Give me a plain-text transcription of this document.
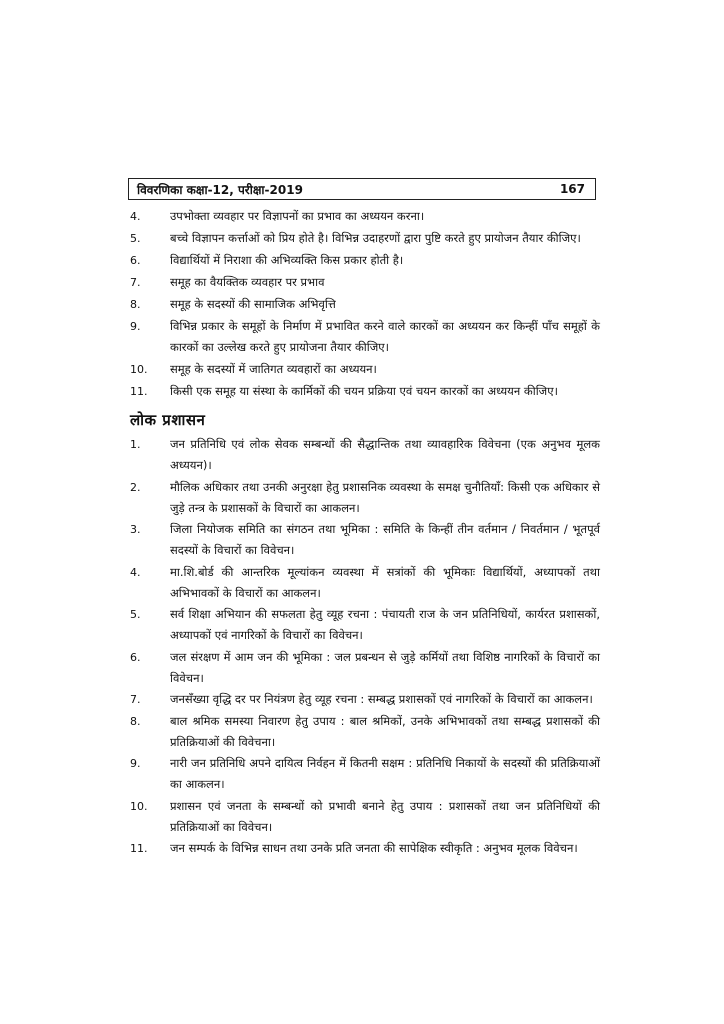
विवरणिका कक्षा-12, परीक्षा-2019	167
4.	उपभोक्ता व्यवहार पर विज्ञापनों का प्रभाव का अध्ययन करना।
5.	बच्चे विज्ञापन कर्त्ताओं को प्रिय होते है। विभिन्न उदाहरणों द्वारा पुष्टि करते हुए प्रायोजन तैयार कीजिए।
6.	विद्यार्थियों में निराशा की अभिव्यक्ति किस प्रकार होती है।
7.	समूह का वैयक्तिक व्यवहार पर प्रभाव
8.	समूह के सदस्यों की सामाजिक अभिवृत्ति
9.	विभिन्न प्रकार के समूहों के निर्माण में प्रभावित करने वाले कारकों का अध्ययन कर किन्हीं पाँच समूहों के कारकों का उल्लेख करते हुए प्रायोजना तैयार कीजिए।
10.	समूह के सदस्यों में जातिगत व्यवहारों का अध्ययन।
11.	किसी एक समूह या संस्था के कार्मिकों की चयन प्रक्रिया एवं चयन कारकों का अध्ययन कीजिए।
लोक प्रशासन
1.	जन प्रतिनिधि एवं लोक सेवक सम्बन्धों की सैद्धान्तिक तथा व्यावहारिक विवेचना (एक अनुभव मूलक अध्ययन)।
2.	मौलिक अधिकार तथा उनकी अनुरक्षा हेतु प्रशासनिक व्यवस्था के समक्ष चुनौतियाँ: किसी एक अधिकार से जुड़े तन्त्र के प्रशासकों के विचारों का आकलन।
3.	जिला नियोजक समिति का संगठन तथा भूमिका : समिति के किन्हीं तीन वर्तमान / निवर्तमान / भूतपूर्व सदस्यों के विचारों का विवेचन।
4.	मा.शि.बोर्ड की आन्तरिक मूल्यांकन व्यवस्था में सत्रांकों की भूमिकाः विद्यार्थियों, अध्यापकों तथा अभिभावकों के विचारों का आकलन।
5.	सर्व शिक्षा अभियान की सफलता हेतु व्यूह रचना : पंचायती राज के जन प्रतिनिधियों, कार्यरत प्रशासकों, अध्यापकों एवं नागरिकों के विचारों का विवेचन।
6.	जल संरक्षण में आम जन की भूमिका : जल प्रबन्धन से जुड़े कर्मियों तथा विशिष्ठ नागरिकों के विचारों का विवेचन।
7.	जनसँख्या वृद्धि दर पर नियंत्रण हेतु व्यूह रचना : सम्बद्ध प्रशासकों एवं नागरिकों के विचारों का आकलन।
8.	बाल श्रमिक समस्या निवारण हेतु उपाय : बाल श्रमिकों, उनके अभिभावकों तथा सम्बद्ध प्रशासकों की प्रतिक्रियाओं की विवेचना।
9.	नारी जन प्रतिनिधि अपने दायित्व निर्वहन में कितनी सक्षम : प्रतिनिधि निकायों के सदस्यों की प्रतिक्रियाओं का आकलन।
10.	प्रशासन एवं जनता के सम्बन्धों को प्रभावी बनाने हेतु उपाय : प्रशासकों तथा जन प्रतिनिधियों की प्रतिक्रियाओं का विवेचन।
11.	जन सम्पर्क के विभिन्न साधन तथा उनके प्रति जनता की सापेक्षिक स्वीकृति : अनुभव मूलक विवेचन।
